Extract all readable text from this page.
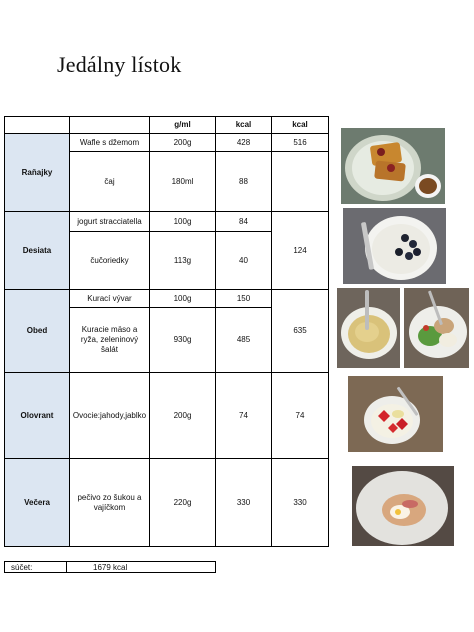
Jedálny lístok
		g/ml	kcal	kcal
Raňajky	Wafle s džemom	200g	428	516
	čaj	180ml	88	
Desiata	jogurt stracciatella	100g	84	124
	čučoriedky	113g	40	
Obed	Kurací vývar	100g	150	635
	Kuracie mäso a ryža, zeleninový šalát	930g	485	
Olovrant	Ovocie:jahody,jablko	200g	74	74
Večera	pečivo zo šukou a vajíčkom	220g	330	330
súčet:	1679 kcal
